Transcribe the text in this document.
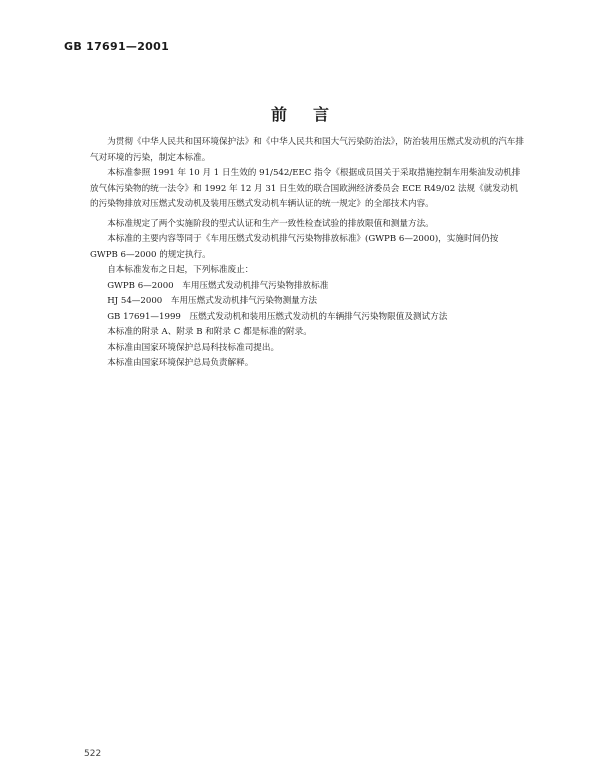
GB 17691—2001
前言

为贯彻《中华人民共和国环境保护法》和《中华人民共和国大气污染防治法》，防治装用压燃式发动机的汽车排气对环境的污染，制定本标准。

本标准参照 1991 年 10 月 1 日生效的 91/542/EEC 指令《根据成员国关于采取措施控制车用柴油发动机排放气体污染物的统一法令》和 1992 年 12 月 31 日生效的联合国欧洲经济委员会 ECE R49/02 法规《就发动机的污染物排放对压燃式发动机及装用压燃式发动机车辆认证的统一规定》的全部技术内容。

本标准规定了两个实施阶段的型式认证和生产一致性检查试验的排放限值和测量方法。

本标准的主要内容等同于《车用压燃式发动机排气污染物排放标准》(GWPB 6—2000)，实施时间仍按 GWPB 6—2000 的规定执行。

自本标准发布之日起，下列标准废止：

GWPB 6—2000　车用压燃式发动机排气污染物排放标准

HJ 54—2000　车用压燃式发动机排气污染物测量方法

GB 17691—1999　压燃式发动机和装用压燃式发动机的车辆排气污染物限值及测试方法

本标准的附录 A、附录 B 和附录 C 都是标准的附录。

本标准由国家环境保护总局科技标准司提出。

本标准由国家环境保护总局负责解释。

522
